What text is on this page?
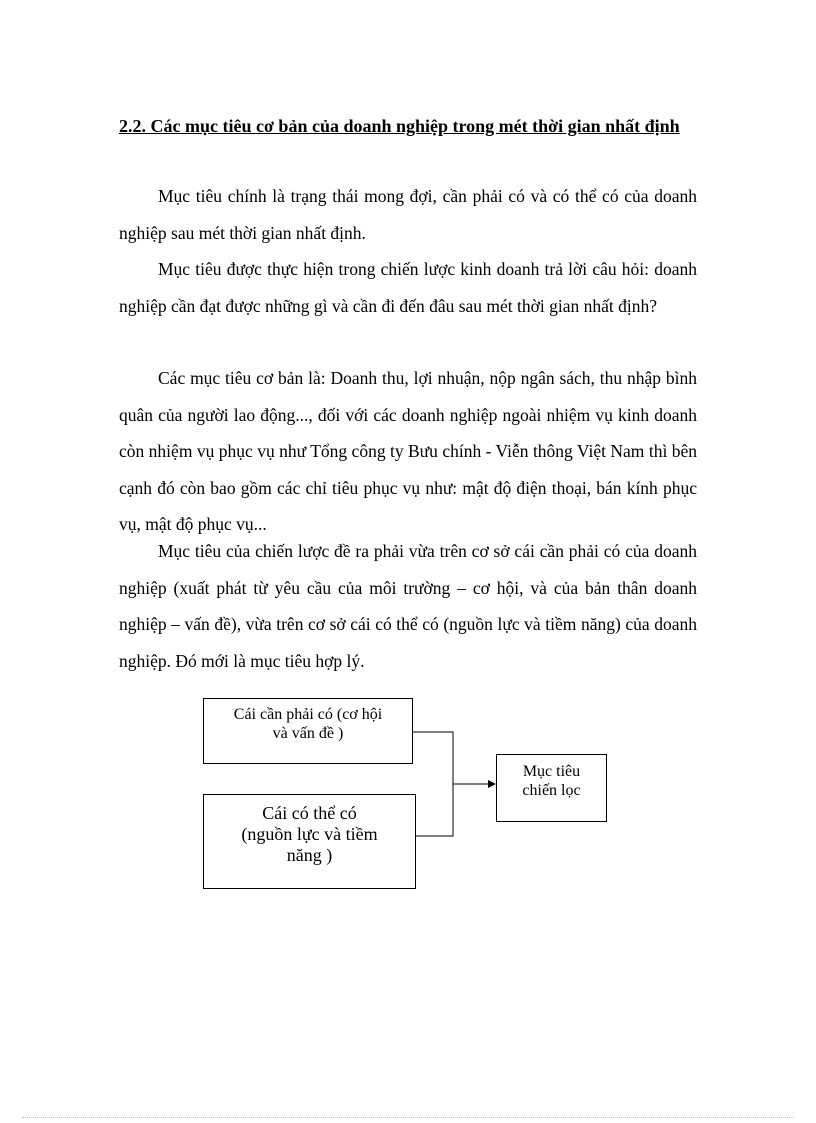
2.2. Các mục tiêu cơ bản của doanh nghiệp trong mét thời gian nhất định

Mục tiêu chính là trạng thái mong đợi, cần phải có và có thể có của doanh nghiệp sau mét thời gian nhất định.

Mục tiêu được thực hiện trong chiến lược kinh doanh trả lời câu hỏi: doanh nghiệp cần đạt được những gì và cần đi đến đâu sau mét thời gian nhất định?

Các mục tiêu cơ bản là: Doanh thu, lợi nhuận, nộp ngân sách, thu nhập bình quân của người lao động..., đối với các doanh nghiệp ngoài nhiệm vụ kinh doanh còn nhiệm vụ phục vụ như Tổng công ty Bưu chính - Viễn thông Việt Nam thì bên cạnh đó còn bao gồm các chỉ tiêu phục vụ như: mật độ điện thoại, bán kính phục vụ, mật độ phục vụ...

Mục tiêu của chiến lược đề ra phải vừa trên cơ sở cái cần phải có của doanh nghiệp (xuất phát từ yêu cầu của môi trường – cơ hội, và của bản thân doanh nghiệp – vấn đề), vừa trên cơ sở cái có thể có (nguồn lực và tiềm năng) của doanh nghiệp. Đó mới là mục tiêu hợp lý.

Cái cần phải có (cơ hội
và vấn đề )
Cái có thể có
(nguồn lực và tiềm
năng )
Mục tiêu
chiến lọc
